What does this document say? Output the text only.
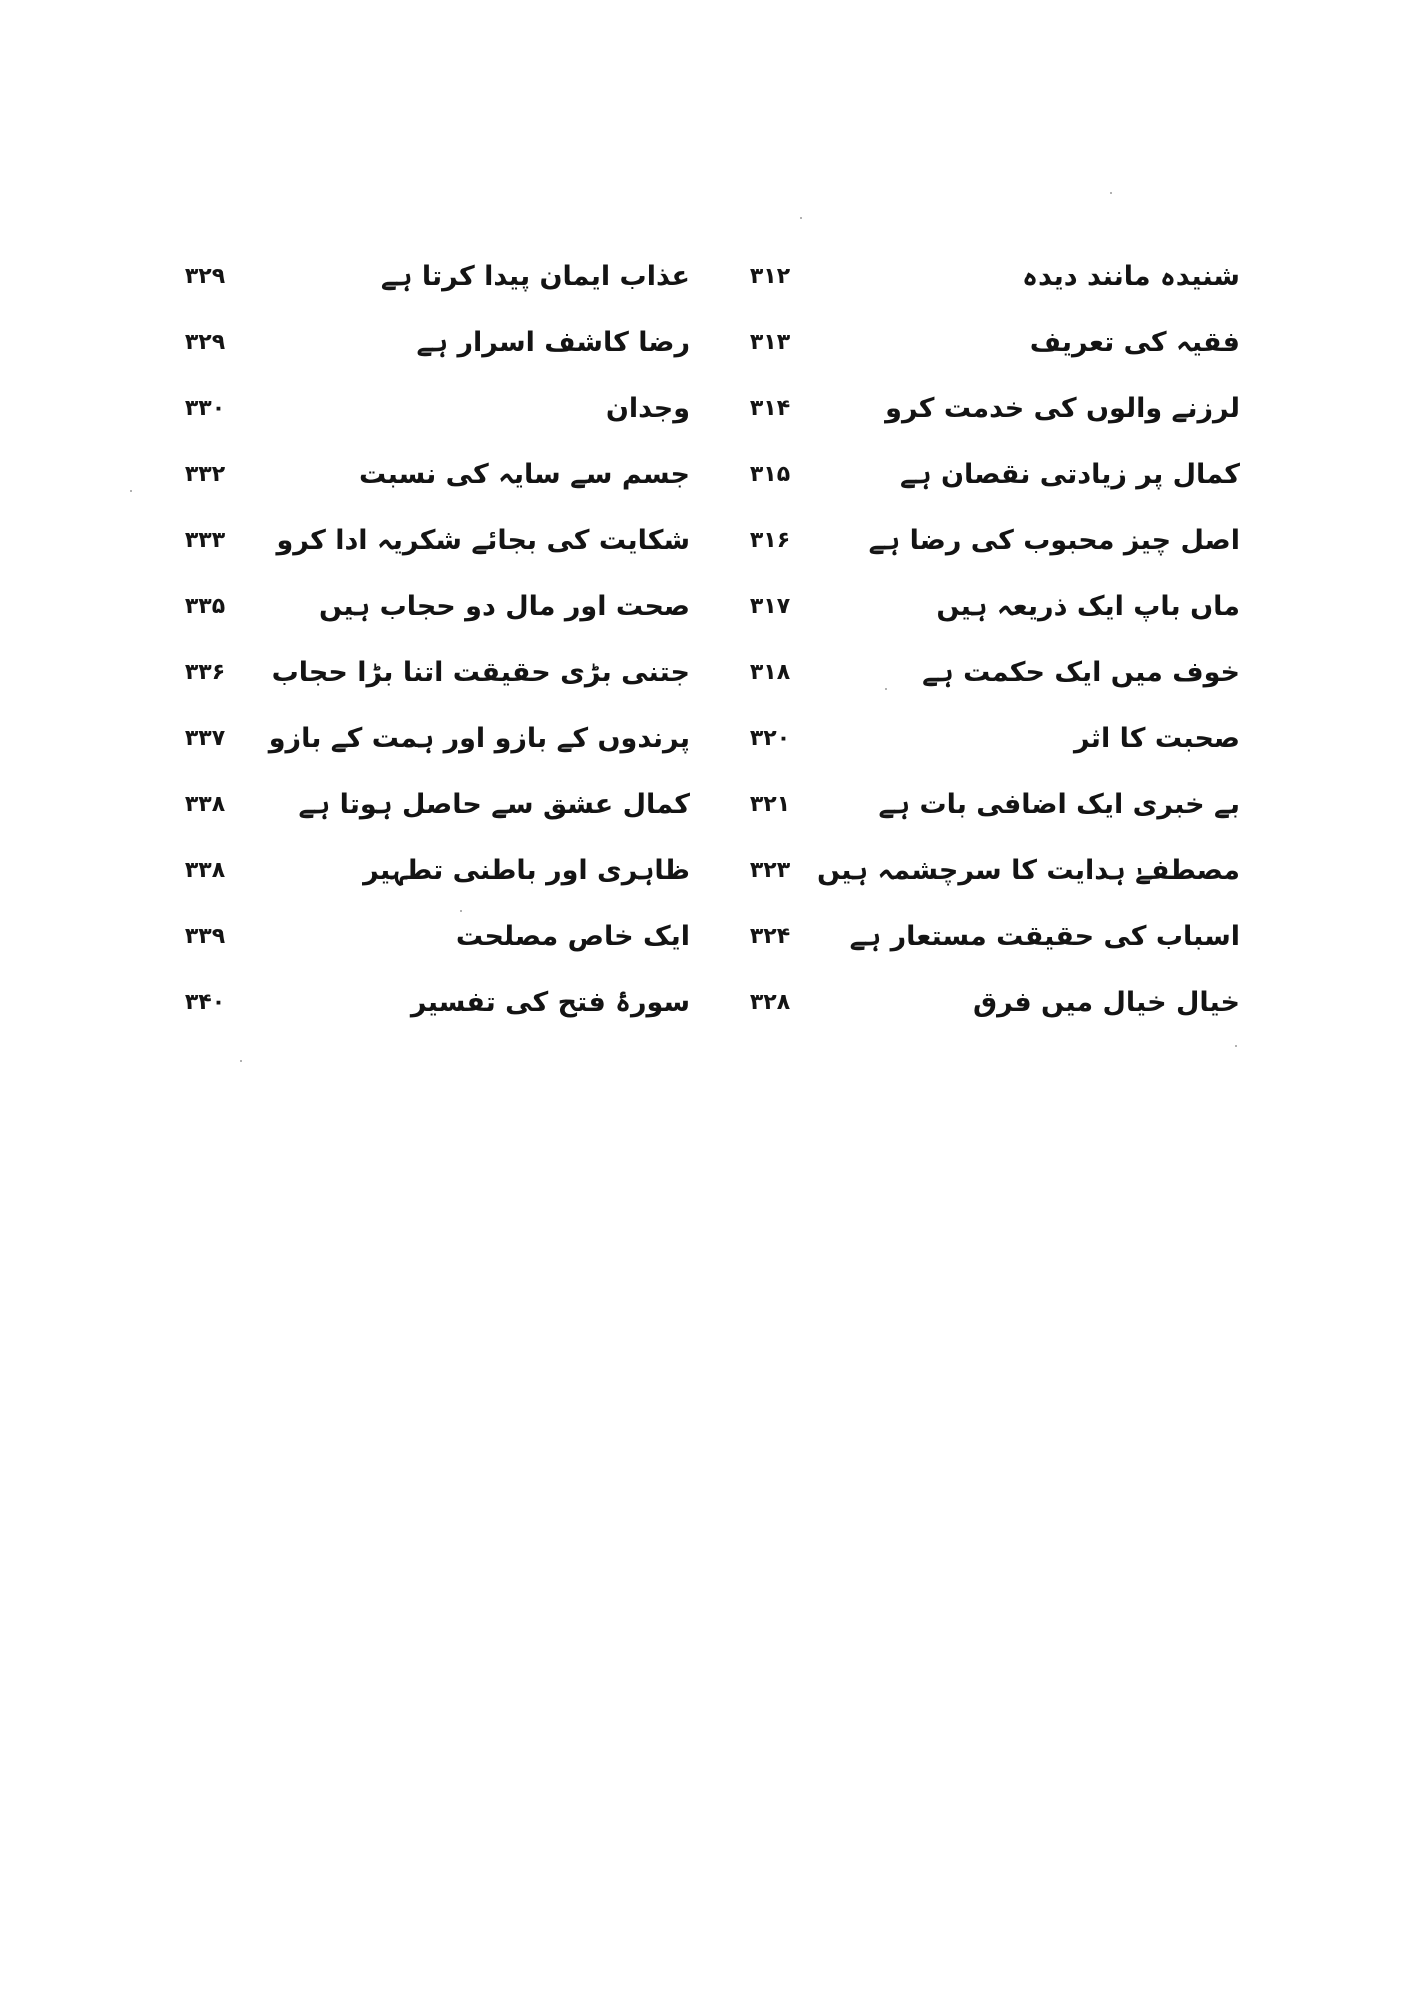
شنیدہ مانند دیدہ
۳۱۲
عذاب ایمان پیدا کرتا ہے
۳۲۹
فقیہ کی تعریف
۳۱۳
رضا کاشف اسرار ہے
۳۲۹
لرزنے والوں کی خدمت کرو
۳۱۴
وجدان
۳۳۰
کمال پر زیادتی نقصان ہے
۳۱۵
جسم سے سایہ کی نسبت
۳۳۲
اصل چیز محبوب کی رضا ہے
۳۱۶
شکایت کی بجائے شکریہ ادا کرو
۳۳۳
ماں باپ ایک ذریعہ ہیں
۳۱۷
صحت اور مال دو حجاب ہیں
۳۳۵
خوف میں ایک حکمت ہے
۳۱۸
جتنی بڑی حقیقت اتنا بڑا حجاب
۳۳۶
صحبت کا اثر
۳۲۰
پرندوں کے بازو اور ہمت کے بازو
۳۳۷
بے خبری ایک اضافی بات ہے
۳۲۱
کمال عشق سے حاصل ہوتا ہے
۳۳۸
مصطفےٰ ہدایت کا سرچشمہ ہیں
۳۲۳
ظاہری اور باطنی تطہیر
۳۳۸
اسباب کی حقیقت مستعار ہے
۳۲۴
ایک خاص مصلحت
۳۳۹
خیال خیال میں فرق
۳۲۸
سورۂ فتح کی تفسیر
۳۴۰
